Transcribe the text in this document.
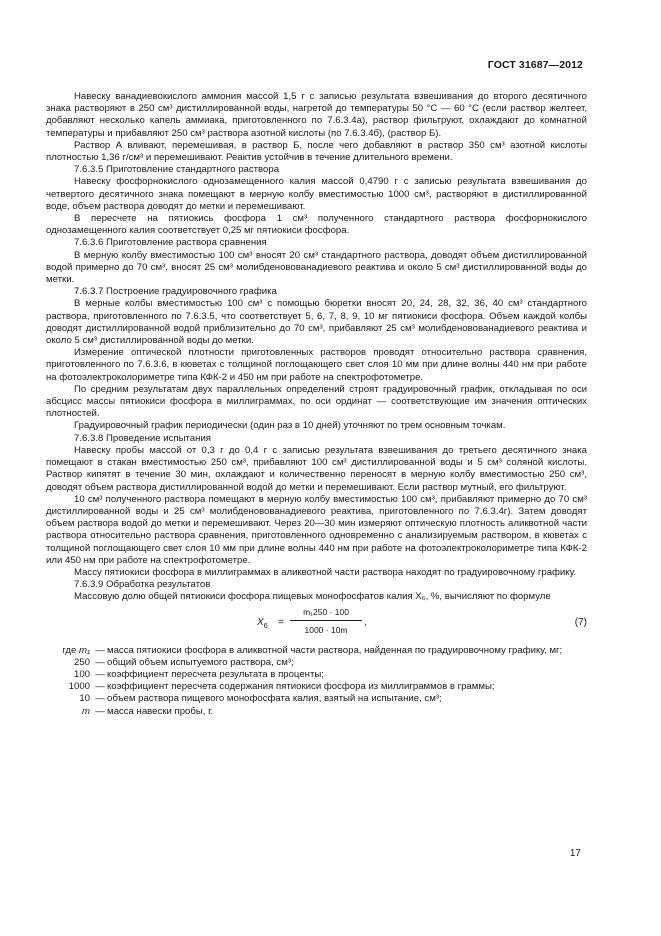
ГОСТ 31687—2012

Навеску ванадиевокислого аммония массой 1,5 г с записью результата взвешивания до второго десятичного знака растворяют в 250 см³ дистиллированной воды, нагретой до температуры 50 °С — 60 °С (если раствор желтеет, добавляют несколько капель аммиака, приготовленного по 7.6.3.4а), раствор фильтруют, охлаждают до комнатной температуры и прибавляют 250 см³ раствора азотной кислоты (по 7.6.3.4б), (раствор Б).

Раствор А вливают, перемешивая, в раствор Б, после чего добавляют в раствор 350 см³ азотной кислоты плотностью 1,36 г/см³ и перемешивают. Реактив устойчив в течение длительного времени.

7.6.3.5 Приготовление стандартного раствора

Навеску фосфорнокислого однозамещенного калия массой 0,4790 г с записью результата взвешивания до четвертого десятичного знака помещают в мерную колбу вместимостью 1000 см³, растворяют в дистиллированной воде, объем раствора доводят до метки и перемешивают.

В пересчете на пятиокись фосфора 1 см³ полученного стандартного раствора фосфорнокислого однозамещенного калия соответствует 0,25 мг пятиокиси фосфора.

7.6.3.6 Приготовление раствора сравнения

В мерную колбу вместимостью 100 см³ вносят 20 см³ стандартного раствора, доводят объем дистиллированной водой примерно до 70 см³, вносят 25 см³ молибденовованадиевого реактива и около 5 см³ дистиллированной воды до метки.

7.6.3.7 Построение градуировочного графика

В мерные колбы вместимостью 100 см³ с помощью бюретки вносят 20, 24, 28, 32, 36, 40 см³ стандартного раствора, приготовленного по 7.6.3.5, что соответствует 5, 6, 7, 8, 9, 10 мг пятиокиси фосфора. Объем каждой колбы доводят дистиллированной водой приблизительно до 70 см³, прибавляют 25 см³ молибденовованадиевого реактива и около 5 см³ дистиллированной воды до метки.

Измерение оптической плотности приготовленных растворов проводят относительно раствора сравнения, приготовленного по 7.6.3.6, в кюветах с толщиной поглощающего свет слоя 10 мм при длине волны 440 нм при работе на фотоэлектроколориметре типа КФК-2 и 450 нм при работе на спектрофотометре.

По средним результатам двух параллельных определений строят градуировочный график, откладывая по оси абсцисс массы пятиокиси фосфора в миллиграммах, по оси ординат — соответствующие им значения оптических плотностей.

Градуировочный график периодически (один раз в 10 дней) уточняют по трем основным точкам.

7.6.3.8 Проведение испытания

Навеску пробы массой от 0,3 г до 0,4 г с записью результата взвешивания до третьего десятичного знака помещают в стакан вместимостью 250 см³, прибавляют 100 см³ дистиллированной воды и 5 см³ соляной кислоты. Раствор кипятят в течение 30 мин, охлаждают и количественно переносят в мерную колбу вместимостью 250 см³, доводят объем раствора дистиллированной водой до метки и перемешивают. Если раствор мутный, его фильтруют.

10 см³ полученного раствора помещают в мерную колбу вместимостью 100 см³, прибавляют примерно до 70 см³ дистиллированной воды и 25 см³ молибденовованадиевого реактива, приготовленного по 7.6.3.4г). Затем доводят объем раствора водой до метки и перемешивают. Через 20—30 мин измеряют оптическую плотность аликвотной части раствора относительно раствора сравнения, приготовленного одновременно с анализируемым раствором, в кюветах с толщиной поглощающего свет слоя 10 мм при длине волны 440 нм при работе на фотоэлектроколориметре типа КФК-2 или 450 нм при работе на спектрофотометре.

Массу пятиокиси фосфора в миллиграммах в аликвотной части раствора находят по градуировочному графику.

7.6.3.9 Обработка результатов

Массовую долю общей пятиокиси фосфора пищевых монофосфатов калия X₆, %, вычисляют по формуле

$X_6 = \frac{\text{m₁250 · 100}}{1000 \cdot 10m}$ ,	(7)
где m₁ — масса пятиокиси фосфора в аликвотной части раствора, найденная по градуировочному графику, мг;
250 — общий объем испытуемого раствора, см³;
100 — коэффициент пересчета результата в проценты;
1000 — коэффициент пересчета содержания пятиокиси фосфора из миллиграммов в граммы;
10 — объем раствора пищевого монофосфата калия, взятый на испытание, см³;
m — масса навески пробы, г.
17
